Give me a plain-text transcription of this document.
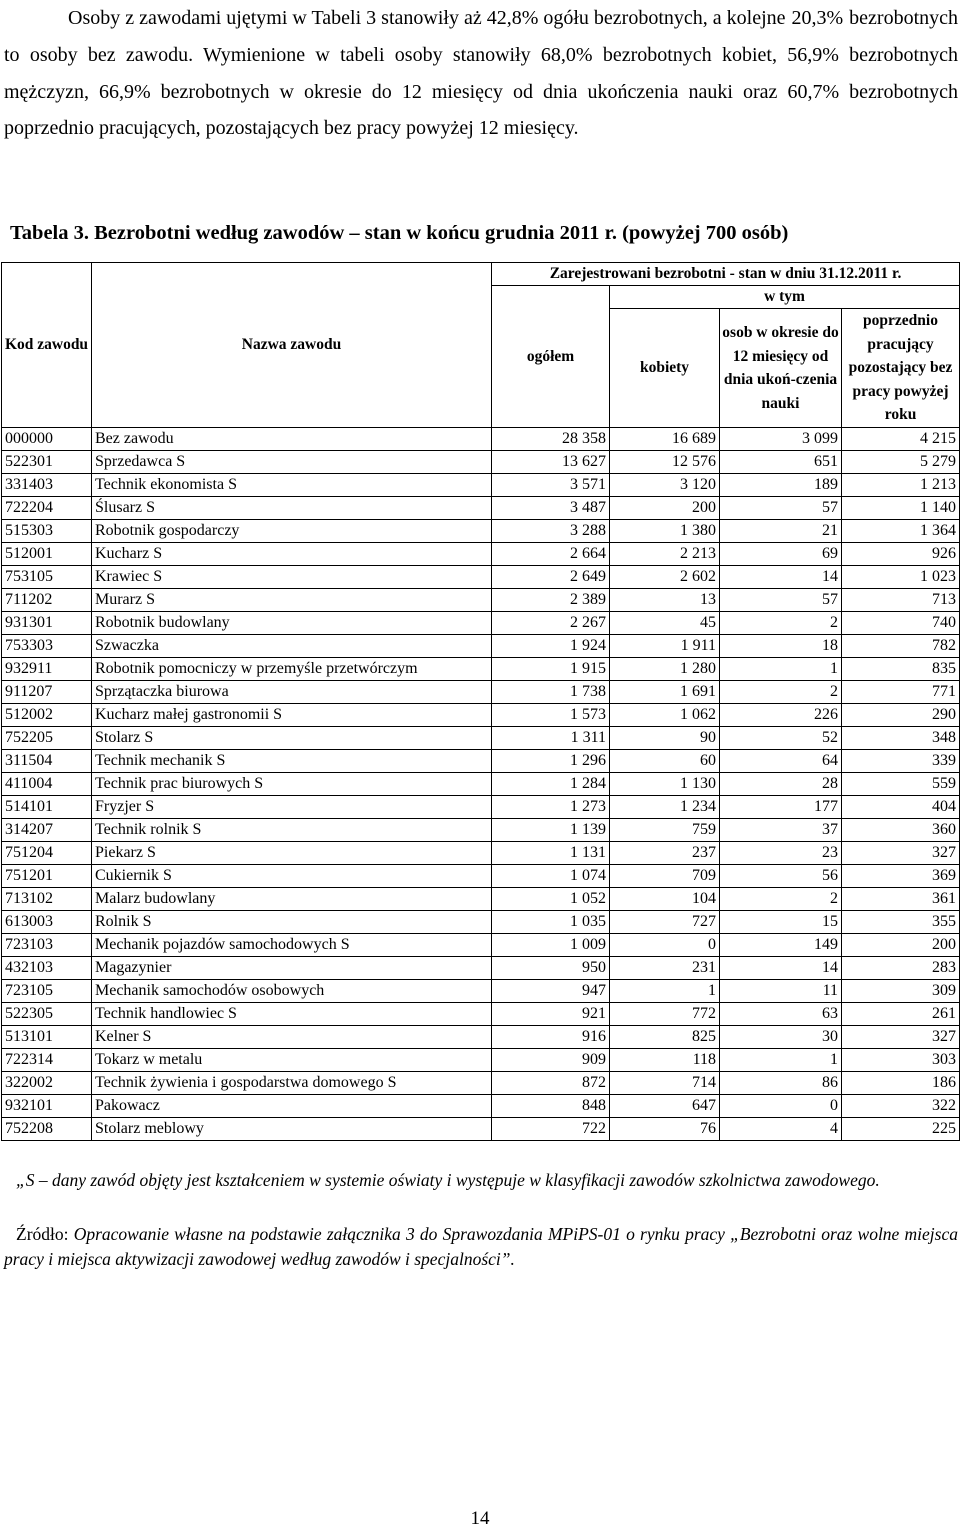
Osoby z zawodami ujętymi w Tabeli 3 stanowiły aż 42,8% ogółu bezrobotnych, a kolejne 20,3% bezrobotnych to osoby bez zawodu. Wymienione w tabeli osoby stanowiły 68,0% bezrobotnych kobiet, 56,9% bezrobotnych mężczyzn, 66,9% bezrobotnych w okresie do 12 miesięcy od dnia ukończenia nauki oraz 60,7% bezrobotnych poprzednio pracujących, pozostających bez pracy powyżej 12 miesięcy.
Tabela 3. Bezrobotni według zawodów – stan w końcu grudnia 2011 r. (powyżej 700 osób)
Kod zawodu	Nazwa zawodu	Zarejestrowani bezrobotni - stan w dniu 31.12.2011 r.			
		ogółem	w tym		
			kobiety	osob w okresie do 12 miesięcy od dnia ukoń-czenia nauki	poprzednio pracujący pozostający bez pracy powyżej roku
000000	Bez zawodu	28 358	16 689	3 099	4 215
522301	Sprzedawca S	13 627	12 576	651	5 279
331403	Technik ekonomista S	3 571	3 120	189	1 213
722204	Ślusarz S	3 487	200	57	1 140
515303	Robotnik gospodarczy	3 288	1 380	21	1 364
512001	Kucharz S	2 664	2 213	69	926
753105	Krawiec S	2 649	2 602	14	1 023
711202	Murarz S	2 389	13	57	713
931301	Robotnik budowlany	2 267	45	2	740
753303	Szwaczka	1 924	1 911	18	782
932911	Robotnik pomocniczy w przemyśle przetwórczym	1 915	1 280	1	835
911207	Sprzątaczka biurowa	1 738	1 691	2	771
512002	Kucharz małej gastronomii S	1 573	1 062	226	290
752205	Stolarz S	1 311	90	52	348
311504	Technik mechanik S	1 296	60	64	339
411004	Technik prac biurowych S	1 284	1 130	28	559
514101	Fryzjer S	1 273	1 234	177	404
314207	Technik rolnik S	1 139	759	37	360
751204	Piekarz S	1 131	237	23	327
751201	Cukiernik S	1 074	709	56	369
713102	Malarz budowlany	1 052	104	2	361
613003	Rolnik S	1 035	727	15	355
723103	Mechanik pojazdów samochodowych S	1 009	0	149	200
432103	Magazynier	950	231	14	283
723105	Mechanik samochodów osobowych	947	1	11	309
522305	Technik handlowiec S	921	772	63	261
513101	Kelner S	916	825	30	327
722314	Tokarz w metalu	909	118	1	303
322002	Technik żywienia i gospodarstwa domowego S	872	714	86	186
932101	Pakowacz	848	647	0	322
752208	Stolarz meblowy	722	76	4	225
„S – dany zawód objęty jest kształceniem w systemie oświaty i występuje w klasyfikacji zawodów szkolnictwa zawodowego.
Źródło: Opracowanie własne na podstawie załącznika 3 do Sprawozdania MPiPS-01 o rynku pracy „Bezrobotni oraz wolne miejsca pracy i miejsca aktywizacji zawodowej według zawodów i specjalności”.
14
